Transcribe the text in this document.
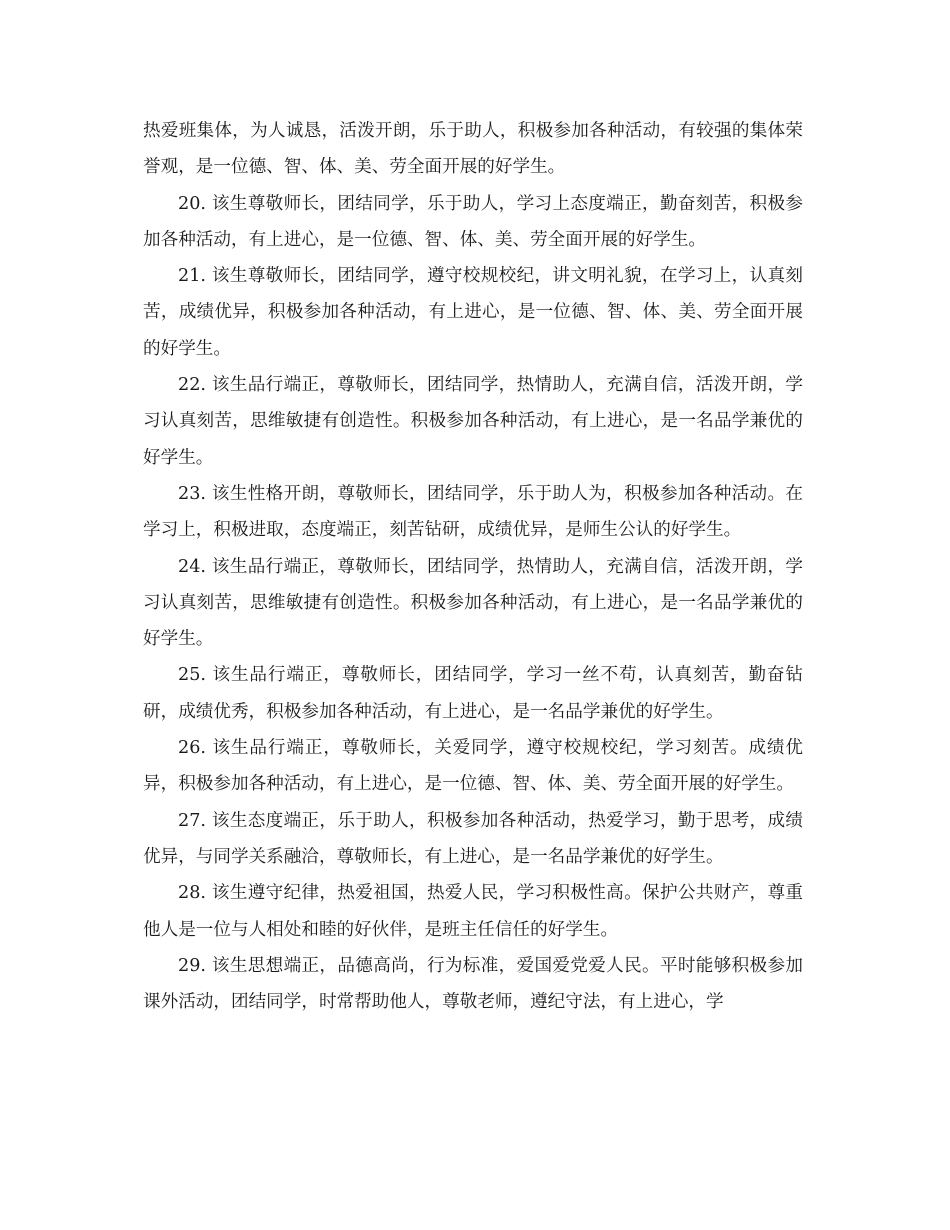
热爱班集体，为人诚恳，活泼开朗，乐于助人，积极参加各种活动，有较强的集体荣誉观，是一位德、智、体、美、劳全面开展的好学生。

20. 该生尊敬师长，团结同学，乐于助人，学习上态度端正，勤奋刻苦，积极参加各种活动，有上进心，是一位德、智、体、美、劳全面开展的好学生。

21. 该生尊敬师长，团结同学，遵守校规校纪，讲文明礼貌，在学习上，认真刻苦，成绩优异，积极参加各种活动，有上进心，是一位德、智、体、美、劳全面开展的好学生。

22. 该生品行端正，尊敬师长，团结同学，热情助人，充满自信，活泼开朗，学习认真刻苦，思维敏捷有创造性。积极参加各种活动，有上进心，是一名品学兼优的好学生。

23. 该生性格开朗，尊敬师长，团结同学，乐于助人为，积极参加各种活动。在学习上，积极进取，态度端正，刻苦钻研，成绩优异，是师生公认的好学生。

24. 该生品行端正，尊敬师长，团结同学，热情助人，充满自信，活泼开朗，学习认真刻苦，思维敏捷有创造性。积极参加各种活动，有上进心，是一名品学兼优的好学生。

25. 该生品行端正，尊敬师长，团结同学，学习一丝不苟，认真刻苦，勤奋钻研，成绩优秀，积极参加各种活动，有上进心，是一名品学兼优的好学生。

26. 该生品行端正，尊敬师长，关爱同学，遵守校规校纪，学习刻苦。成绩优异，积极参加各种活动，有上进心，是一位德、智、体、美、劳全面开展的好学生。

27. 该生态度端正，乐于助人，积极参加各种活动，热爱学习，勤于思考，成绩优异，与同学关系融洽，尊敬师长，有上进心，是一名品学兼优的好学生。

28. 该生遵守纪律，热爱祖国，热爱人民，学习积极性高。保护公共财产，尊重他人是一位与人相处和睦的好伙伴，是班主任信任的好学生。

29. 该生思想端正，品德高尚，行为标准，爱国爱党爱人民。平时能够积极参加课外活动，团结同学，时常帮助他人，尊敬老师，遵纪守法，有上进心，学
